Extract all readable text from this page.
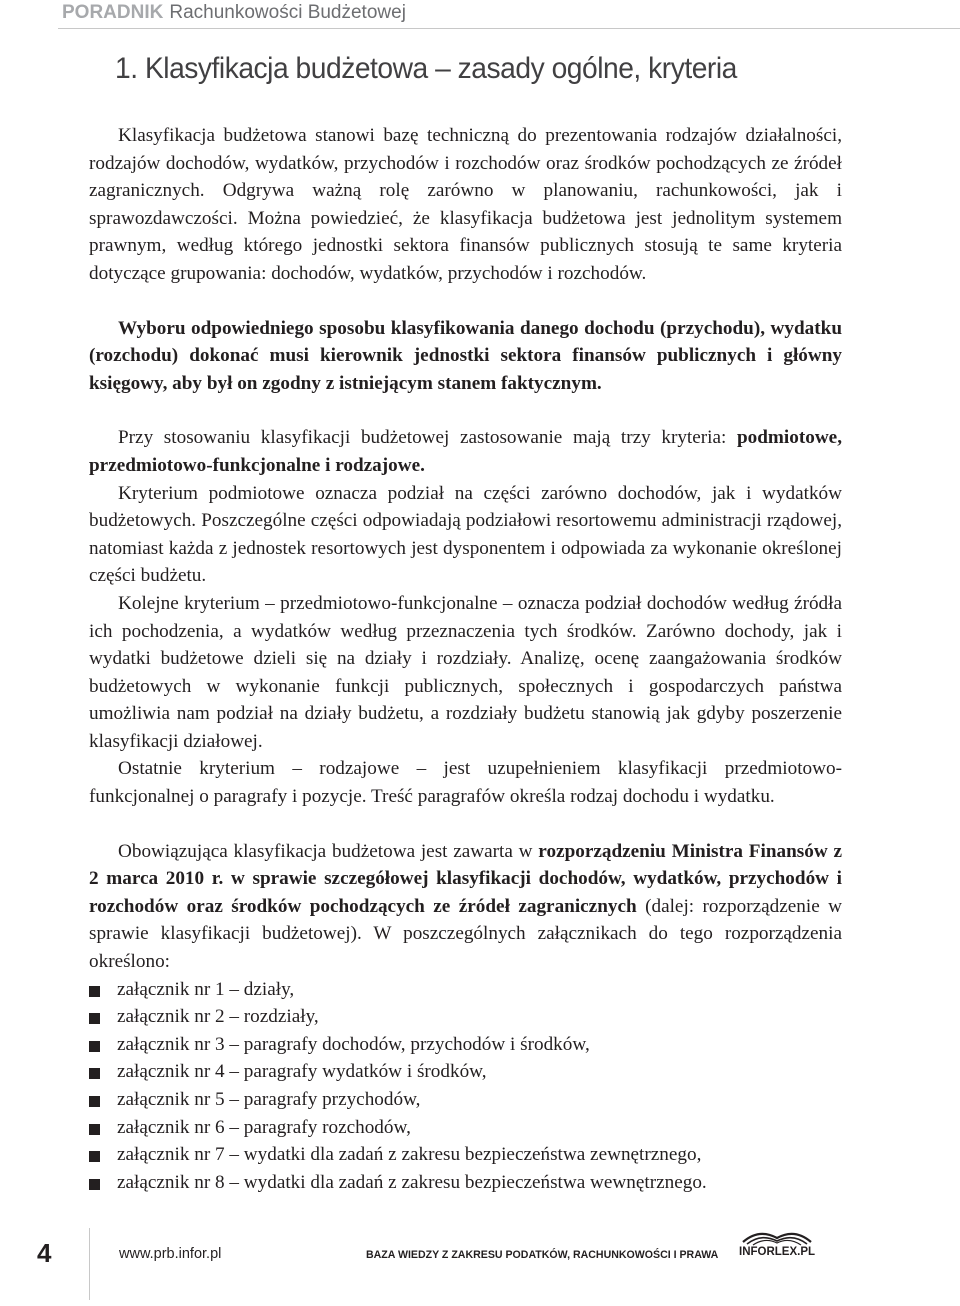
PORADNIK Rachunkowości Budżetowej
1. Klasyfikacja budżetowa – zasady ogólne, kryteria

Klasyfikacja budżetowa stanowi bazę techniczną do prezentowania rodzajów działalności, rodzajów dochodów, wydatków, przychodów i rozchodów oraz środków pochodzących ze źródeł zagranicznych. Odgrywa ważną rolę zarówno w planowaniu, rachunkowości, jak i sprawozdawczości. Można powiedzieć, że klasyfikacja budżetowa jest jednolitym systemem prawnym, według którego jednostki sektora finansów publicznych stosują te same kryteria dotyczące grupowania: dochodów, wydatków, przychodów i rozchodów.

Wyboru odpowiedniego sposobu klasyfikowania danego dochodu (przychodu), wydatku (rozchodu) dokonać musi kierownik jednostki sektora finansów publicznych i główny księgowy, aby był on zgodny z istniejącym stanem faktycznym.

Przy stosowaniu klasyfikacji budżetowej zastosowanie mają trzy kryteria: podmiotowe, przedmiotowo-funkcjonalne i rodzajowe.

Kryterium podmiotowe oznacza podział na części zarówno dochodów, jak i wydatków budżetowych. Poszczególne części odpowiadają podziałowi resortowemu administracji rządowej, natomiast każda z jednostek resortowych jest dysponentem i odpowiada za wykonanie określonej części budżetu.

Kolejne kryterium – przedmiotowo-funkcjonalne – oznacza podział dochodów według źródła ich pochodzenia, a wydatków według przeznaczenia tych środków. Zarówno dochody, jak i wydatki budżetowe dzieli się na działy i rozdziały. Analizę, ocenę zaangażowania środków budżetowych w wykonanie funkcji publicznych, społecznych i gospodarczych państwa umożliwia nam podział na działy budżetu, a rozdziały budżetu stanowią jak gdyby poszerzenie klasyfikacji działowej.

Ostatnie kryterium – rodzajowe – jest uzupełnieniem klasyfikacji przedmiotowo-funkcjonalnej o paragrafy i pozycje. Treść paragrafów określa rodzaj dochodu i wydatku.

Obowiązująca klasyfikacja budżetowa jest zawarta w rozporządzeniu Ministra Finansów z 2 marca 2010 r. w sprawie szczegółowej klasyfikacji dochodów, wydatków, przychodów i rozchodów oraz środków pochodzących ze źródeł zagranicznych (dalej: rozporządzenie w sprawie klasyfikacji budżetowej). W poszczególnych załącznikach do tego rozporządzenia określono:

załącznik nr 1 – działy,
załącznik nr 2 – rozdziały,
załącznik nr 3 – paragrafy dochodów, przychodów i środków,
załącznik nr 4 – paragrafy wydatków i środków,
załącznik nr 5 – paragrafy przychodów,
załącznik nr 6 – paragrafy rozchodów,
załącznik nr 7 – wydatki dla zadań z zakresu bezpieczeństwa zewnętrznego,
załącznik nr 8 – wydatki dla zadań z zakresu bezpieczeństwa wewnętrznego.
4	www.prb.infor.pl	BAZA WIEDZY Z ZAKRESU PODATKÓW, RACHUNKOWOŚCI I PRAWA INFORLEX.PL
